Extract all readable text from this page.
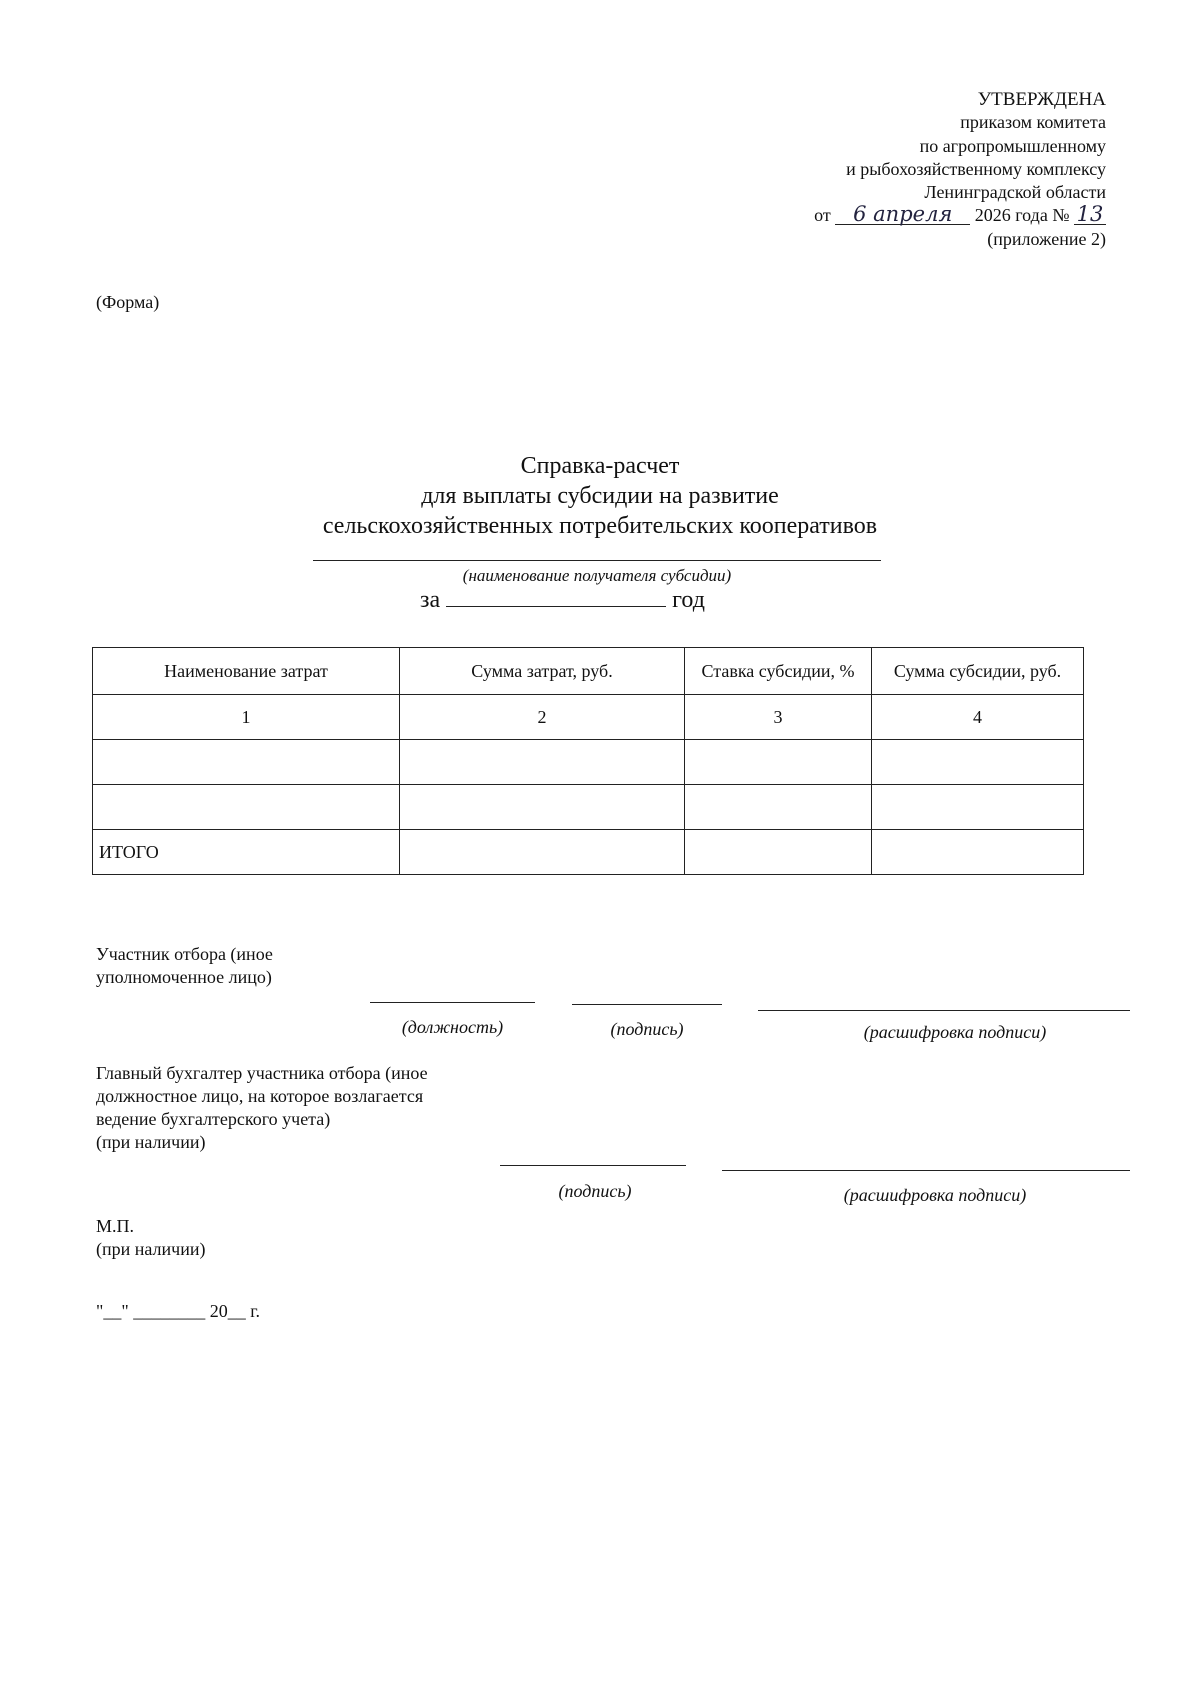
УТВЕРЖДЕНА
приказом комитета
по агропромышленному
и рыбохозяйственному комплексу
Ленинградской области
от 6 апреля 2026 года № 13
(приложение 2)
(Форма)
Справка-расчет
для выплаты субсидии на развитие
сельскохозяйственных потребительских кооперативов
(наименование получателя субсидии)
за	год
Наименование затрат	Сумма затрат, руб.	Ставка субсидии, %	Сумма субсидии, руб.
1	2	3	4

ИТОГО			
Участник отбора (иное
уполномоченное лицо)
(должность)	(подпись)	(расшифровка подписи)
Главный бухгалтер участника отбора (иное
должностное лицо, на которое возлагается
ведение бухгалтерского учета)
(при наличии)
(подпись)	(расшифровка подписи)
М.П.
(при наличии)
"__" ________ 20__ г.
